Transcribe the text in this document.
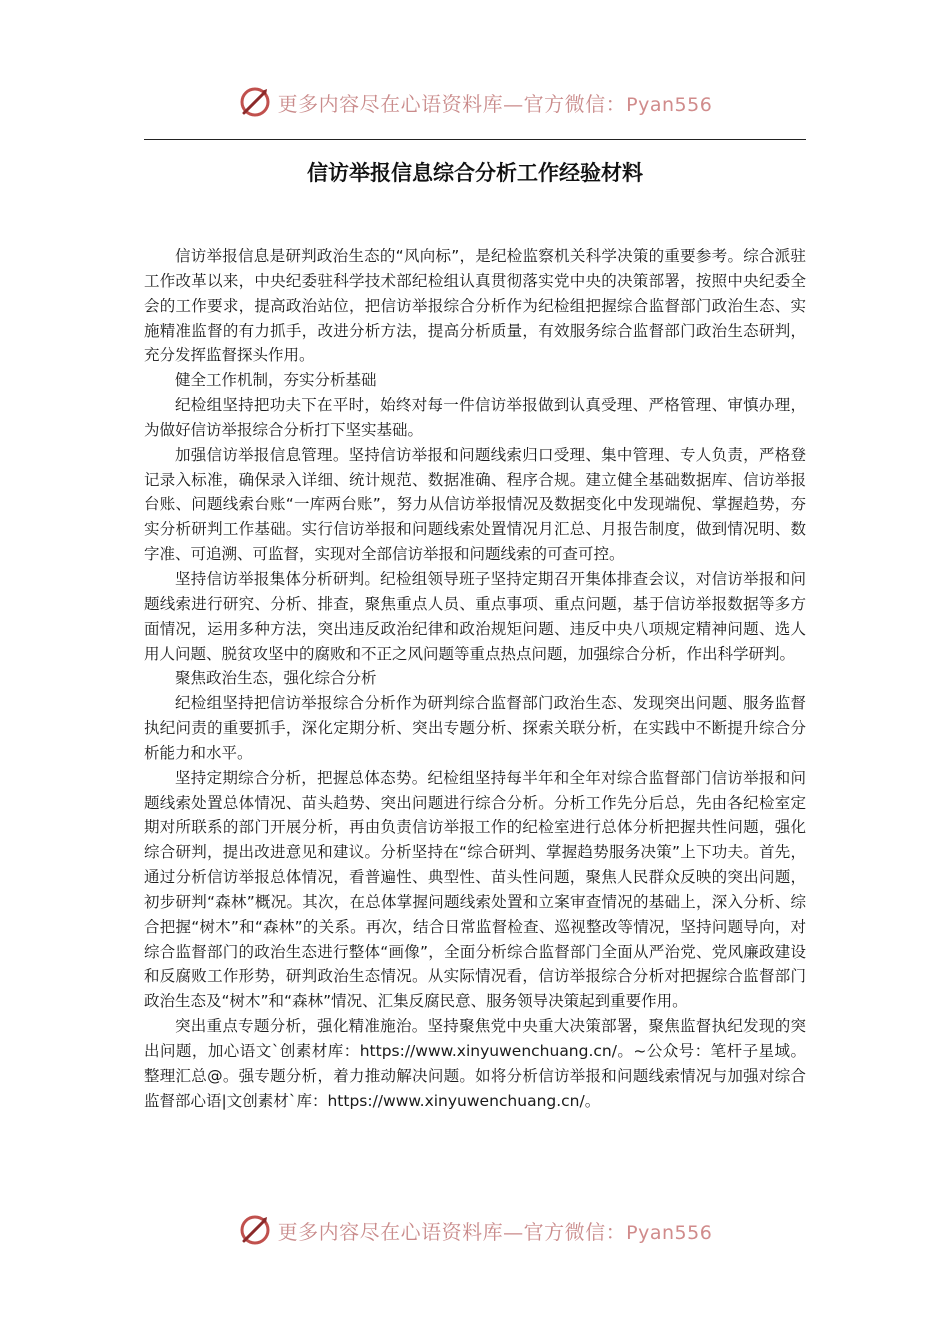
更多内容尽在心语资料库—官方微信：Pyan556
信访举报信息综合分析工作经验材料

信访举报信息是研判政治生态的“风向标”，是纪检监察机关科学决策的重要参考。综合派驻工作改革以来，中央纪委驻科学技术部纪检组认真贯彻落实党中央的决策部署，按照中央纪委全会的工作要求，提高政治站位，把信访举报综合分析作为纪检组把握综合监督部门政治生态、实施精准监督的有力抓手，改进分析方法，提高分析质量，有效服务综合监督部门政治生态研判，充分发挥监督探头作用。

健全工作机制，夯实分析基础

纪检组坚持把功夫下在平时，始终对每一件信访举报做到认真受理、严格管理、审慎办理，为做好信访举报综合分析打下坚实基础。

加强信访举报信息管理。坚持信访举报和问题线索归口受理、集中管理、专人负责，严格登记录入标准，确保录入详细、统计规范、数据准确、程序合规。建立健全基础数据库、信访举报台账、问题线索台账“一库两台账”，努力从信访举报情况及数据变化中发现端倪、掌握趋势，夯实分析研判工作基础。实行信访举报和问题线索处置情况月汇总、月报告制度，做到情况明、数字准、可追溯、可监督，实现对全部信访举报和问题线索的可查可控。

坚持信访举报集体分析研判。纪检组领导班子坚持定期召开集体排查会议，对信访举报和问题线索进行研究、分析、排查，聚焦重点人员、重点事项、重点问题，基于信访举报数据等多方面情况，运用多种方法，突出违反政治纪律和政治规矩问题、违反中央八项规定精神问题、选人用人问题、脱贫攻坚中的腐败和不正之风问题等重点热点问题，加强综合分析，作出科学研判。

聚焦政治生态，强化综合分析

纪检组坚持把信访举报综合分析作为研判综合监督部门政治生态、发现突出问题、服务监督执纪问责的重要抓手，深化定期分析、突出专题分析、探索关联分析，在实践中不断提升综合分析能力和水平。

坚持定期综合分析，把握总体态势。纪检组坚持每半年和全年对综合监督部门信访举报和问题线索处置总体情况、苗头趋势、突出问题进行综合分析。分析工作先分后总，先由各纪检室定期对所联系的部门开展分析，再由负责信访举报工作的纪检室进行总体分析把握共性问题，强化综合研判，提出改进意见和建议。分析坚持在“综合研判、掌握趋势服务决策”上下功夫。首先，通过分析信访举报总体情况，看普遍性、典型性、苗头性问题，聚焦人民群众反映的突出问题，初步研判“森林”概况。其次，在总体掌握问题线索处置和立案审查情况的基础上，深入分析、综合把握“树木”和“森林”的关系。再次，结合日常监督检查、巡视整改等情况，坚持问题导向，对综合监督部门的政治生态进行整体“画像”，全面分析综合监督部门全面从严治党、党风廉政建设和反腐败工作形势，研判政治生态情况。从实际情况看，信访举报综合分析对把握综合监督部门政治生态及“树木”和“森林”情况、汇集反腐民意、服务领导决策起到重要作用。

突出重点专题分析，强化精准施治。坚持聚焦党中央重大决策部署，聚焦监督执纪发现的突出问题，加心语文`创素材库：https://www.xinyuwenchuang.cn/。~公众号：笔杆子星域。整理汇总@。强专题分析，着力推动解决问题。如将分析信访举报和问题线索情况与加强对综合监督部心语|文创素材`库：https://www.xinyuwenchuang.cn/。

更多内容尽在心语资料库—官方微信：Pyan556
